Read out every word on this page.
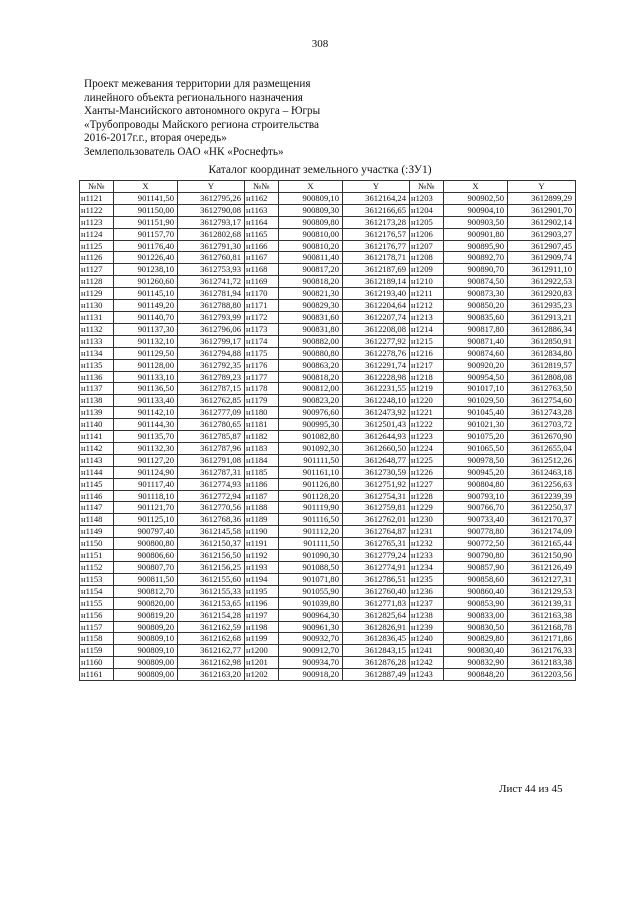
308
Проект межевания территории для размещения
линейного объекта регионального назначения
Ханты-Мансийского автономного округа – Югры
«Трубопроводы Майского региона строительства
2016-2017г.г., вторая очередь»
Землепользователь ОАО «НК «Роснефть»
Каталог координат земельного участка (:ЗУ1)
№№	X	Y	№№	X	Y	№№	X	Y
н1121	901141,50	3612795,26	н1162	900809,10	3612164,24	н1203	900902,50	3612899,29
н1122	901150,00	3612790,08	н1163	900809,30	3612166,65	н1204	900904,10	3612901,70
н1123	901151,90	3612793,17	н1164	900809,80	3612173,28	н1205	900903,50	3612902,14
н1124	901157,70	3612802,68	н1165	900810,00	3612176,57	н1206	900901,80	3612903,27
н1125	901176,40	3612791,30	н1166	900810,20	3612176,77	н1207	900895,90	3612907,45
н1126	901226,40	3612760,81	н1167	900811,40	3612178,71	н1208	900892,70	3612909,74
н1127	901238,10	3612753,93	н1168	900817,20	3612187,69	н1209	900890,70	3612911,10
н1128	901260,60	3612741,72	н1169	900818,20	3612189,14	н1210	900874,50	3612922,53
н1129	901145,10	3612781,94	н1170	900821,30	3612193,40	н1211	900873,30	3612920,83
н1130	901149,20	3612788,80	н1171	900829,30	3612204,64	н1212	900850,20	3612935,23
н1131	901140,70	3612793,99	н1172	900831,60	3612207,74	н1213	900835,60	3612913,21
н1132	901137,30	3612796,06	н1173	900831,80	3612208,08	н1214	900817,80	3612886,34
н1133	901132,10	3612799,17	н1174	900882,00	3612277,92	н1215	900871,40	3612850,91
н1134	901129,50	3612794,88	н1175	900880,80	3612278,76	н1216	900874,60	3612834,80
н1135	901128,00	3612792,35	н1176	900863,20	3612291,74	н1217	900920,20	3612819,57
н1136	901133,10	3612789,23	н1177	900818,20	3612228,98	н1218	900954,50	3612808,08
н1137	901136,50	3612787,15	н1178	900812,00	3612231,55	н1219	901017,10	3612763,50
н1138	901133,40	3612762,85	н1179	900823,20	3612248,10	н1220	901029,50	3612754,60
н1139	901142,10	3612777,09	н1180	900976,60	3612473,92	н1221	901045,40	3612743,28
н1140	901144,30	3612780,65	н1181	900995,30	3612501,43	н1222	901021,30	3612703,72
н1141	901135,70	3612785,87	н1182	901082,80	3612644,93	н1223	901075,20	3612670,90
н1142	901132,30	3612787,96	н1183	901092,30	3612660,50	н1224	901065,50	3612655,04
н1143	901127,20	3612791,08	н1184	901111,50	3612648,77	н1225	900978,50	3612512,26
н1144	901124,90	3612787,31	н1185	901161,10	3612730,59	н1226	900945,20	3612463,18
н1145	901117,40	3612774,93	н1186	901126,80	3612751,92	н1227	900804,80	3612256,63
н1146	901118,10	3612772,94	н1187	901128,20	3612754,31	н1228	900793,10	3612239,39
н1147	901121,70	3612770,56	н1188	901119,90	3612759,81	н1229	900766,70	3612250,37
н1148	901125,10	3612768,36	н1189	901116,50	3612762,01	н1230	900733,40	3612170,37
н1149	900797,40	3612145,58	н1190	901112,20	3612764,87	н1231	900778,80	3612174,09
н1150	900800,80	3612150,37	н1191	901111,50	3612765,31	н1232	900772,50	3612165,44
н1151	900806,60	3612156,50	н1192	901090,30	3612779,24	н1233	900790,80	3612150,90
н1152	900807,70	3612156,25	н1193	901088,50	3612774,91	н1234	900857,90	3612126,49
н1153	900811,50	3612155,60	н1194	901071,80	3612786,51	н1235	900858,60	3612127,31
н1154	900812,70	3612155,33	н1195	901055,90	3612760,40	н1236	900860,40	3612129,53
н1155	900820,00	3612153,65	н1196	901039,80	3612771,83	н1237	900853,90	3612139,31
н1156	900819,20	3612154,28	н1197	900964,30	3612825,64	н1238	900833,00	3612163,38
н1157	900809,20	3612162,59	н1198	900961,30	3612826,91	н1239	900830,50	3612168,78
н1158	900809,10	3612162,68	н1199	900932,70	3612836,45	н1240	900829,80	3612171,86
н1159	900809,10	3612162,77	н1200	900912,70	3612843,15	н1241	900830,40	3612176,33
н1160	900809,00	3612162,98	н1201	900934,70	3612876,28	н1242	900832,90	3612183,38
н1161	900809,00	3612163,20	н1202	900918,20	3612887,49	н1243	900848,20	3612203,56
Лист 44 из 45
